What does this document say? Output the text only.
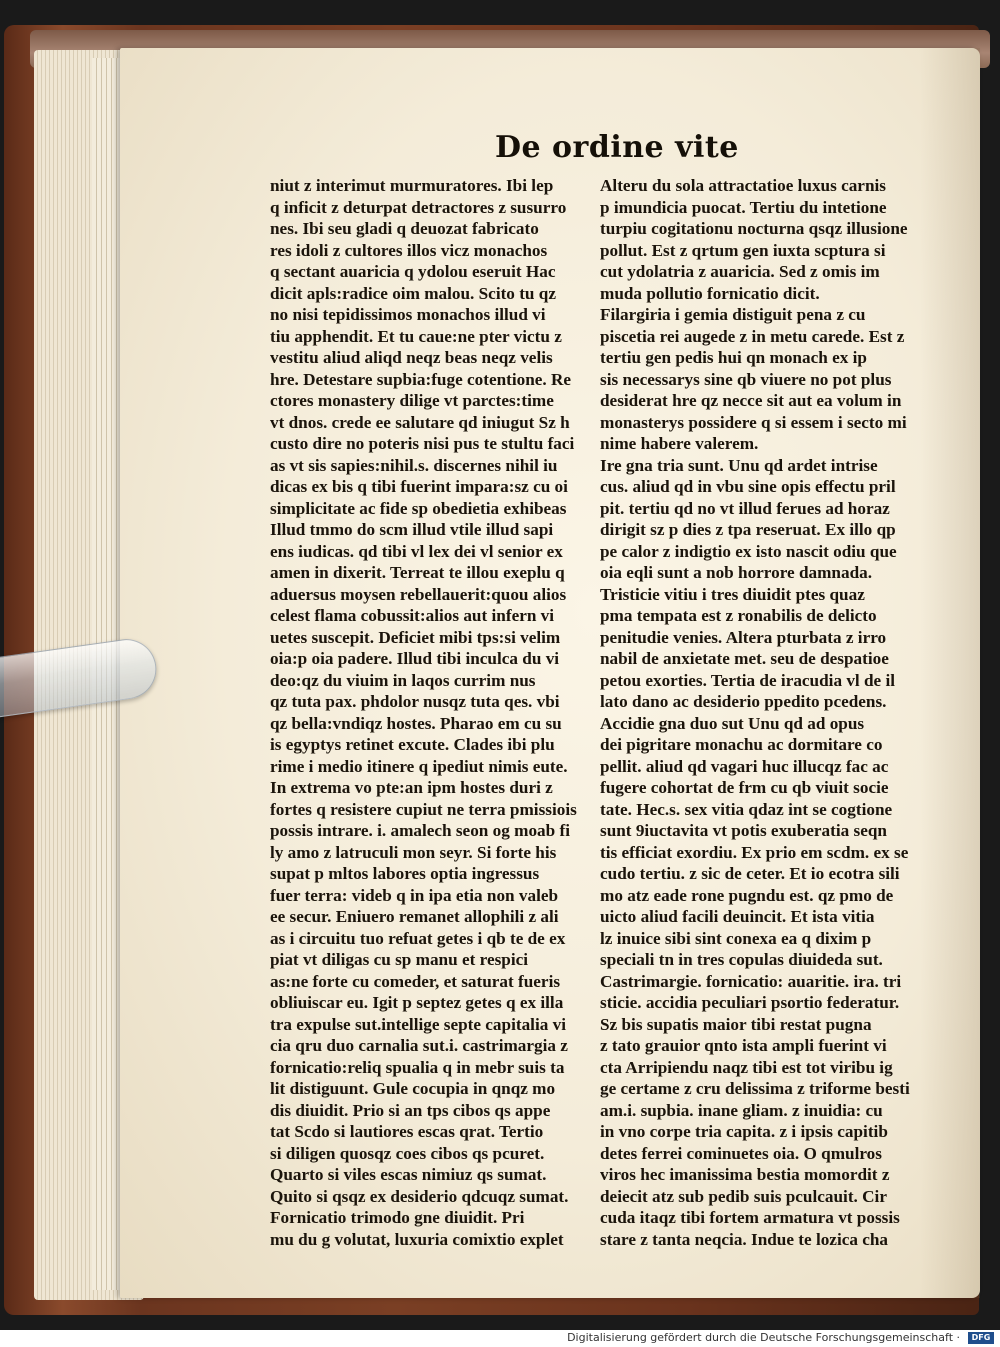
De ordine vite
niut z interimut murmuratores. Ibi lep
q inficit z deturpat detractores z susurro
nes. Ibi seu gladi q deuozat fabricato
res idoli z cultores illos vicz monachos
q sectant auaricia q ydolou eseruit Hac
dicit apls:radice oim malou. Scito tu qz
no nisi tepidissimos monachos illud vi
tiu apphendit. Et tu caue:ne pter victu z
vestitu aliud aliqd neqz beas neqz velis
hre. Detestare supbia:fuge cotentione. Re
ctores monastery dilige vt parctes:time
vt dnos. crede ee salutare qd iniugut Sz h
custo dire no poteris nisi pus te stultu faci
as vt sis sapies:nihil.s. discernes nihil iu
dicas ex bis q tibi fuerint impara:sz cu oi
simplicitate ac fide sp obedietia exhibeas
Illud tmmo do scm illud vtile illud sapi
ens iudicas. qd tibi vl lex dei vl senior ex
amen in dixerit. Terreat te illou exeplu q
aduersus moysen rebellauerit:quou alios
celest flama cobussit:alios aut infern vi
uetes suscepit. Deficiet mibi tps:si velim
oia:p oia padere. Illud tibi inculca du vi
deo:qz du viuim in laqos currim nus
qz tuta pax. phdolor nusqz tuta qes. vbi
qz bella:vndiqz hostes. Pharao em cu su
is egyptys retinet excute. Clades ibi plu
rime i medio itinere q ipediut nimis eute.
In extrema vo pte:an ipm hostes duri z
fortes q resistere cupiut ne terra pmissiois
possis intrare. i. amalech seon og moab fi
ly amo z latruculi mon seyr. Si forte his
supat p mltos labores optia ingressus
fuer terra: videb q in ipa etia non valeb
ee secur. Eniuero remanet allophili z ali
as i circuitu tuo refuat getes i qb te de ex
piat vt diligas cu sp manu et respici
as:ne forte cu comeder, et saturat fueris
obliuiscar eu. Igit p septez getes q ex illa
tra expulse sut.intellige septe capitalia vi
cia qru duo carnalia sut.i. castrimargia z
fornicatio:reliq spualia q in mebr suis ta
lit distiguunt. Gule cocupia in qnqz mo
dis diuidit. Prio si an tps cibos qs appe
tat Scdo si lautiores escas qrat. Tertio
si diligen quosqz coes cibos qs pcuret.
Quarto si viles escas nimiuz qs sumat.
Quito si qsqz ex desiderio qdcuqz sumat.
Fornicatio trimodo gne diuidit. Pri
mu du g volutat, luxuria comixtio explet
Alteru du sola attractatioe luxus carnis
p imundicia puocat. Tertiu du intetione
turpiu cogitationu nocturna qsqz illusione
pollut. Est z qrtum gen iuxta scptura si
cut ydolatria z auaricia. Sed z omis im
muda pollutio fornicatio dicit.
Filargiria i gemia distiguit pena z cu
piscetia rei augede z in metu carede. Est z
tertiu gen pedis hui qn monach ex ip
sis necessarys sine qb viuere no pot plus
desiderat hre qz necce sit aut ea volum in
monasterys possidere q si essem i secto mi
nime habere valerem.
Ire gna tria sunt. Unu qd ardet intrise
cus. aliud qd in vbu sine opis effectu pril
pit. tertiu qd no vt illud ferues ad horaz
dirigit sz p dies z tpa reseruat. Ex illo qp
pe calor z indigtio ex isto nascit odiu que
oia eqli sunt a nob horrore damnada.
Tristicie vitiu i tres diuidit ptes quaz
pma tempata est z ronabilis de delicto
penitudie venies. Altera pturbata z irro
nabil de anxietate met. seu de despatioe
petou exorties. Tertia de iracudia vl de il
lato dano ac desiderio ppedito pcedens.
Accidie gna duo sut Unu qd ad opus
dei pigritare monachu ac dormitare co
pellit. aliud qd vagari huc illucqz fac ac
fugere cohortat de frm cu qb viuit socie
tate. Hec.s. sex vitia qdaz int se cogtione
sunt 9iuctavita vt potis exuberatia seqn
tis efficiat exordiu. Ex prio em scdm. ex se
cudo tertiu. z sic de ceter. Et io ecotra sili
mo atz eade rone pugndu est. qz pmo de
uicto aliud facili deuincit. Et ista vitia
lz inuice sibi sint conexa ea q dixim p
speciali tn in tres copulas diuideda sut.
Castrimargie. fornicatio: auaritie. ira. tri
sticie. accidia peculiari psortio federatur.
Sz bis supatis maior tibi restat pugna
z tato grauior qnto ista ampli fuerint vi
cta Arripiendu naqz tibi est tot viribu ig
ge certame z cru delissima z triforme besti
am.i. supbia. inane gliam. z inuidia: cu
in vno corpe tria capita. z i ipsis capitib
detes ferrei cominuetes oia. O qmulros
viros hec imanissima bestia momordit z
deiecit atz sub pedib suis pculcauit. Cir
cuda itaqz tibi fortem armatura vt possis
stare z tanta neqcia. Indue te lozica cha

Digitalisierung gefördert durch die Deutsche Forschungsgemeinschaft ·	DFG
